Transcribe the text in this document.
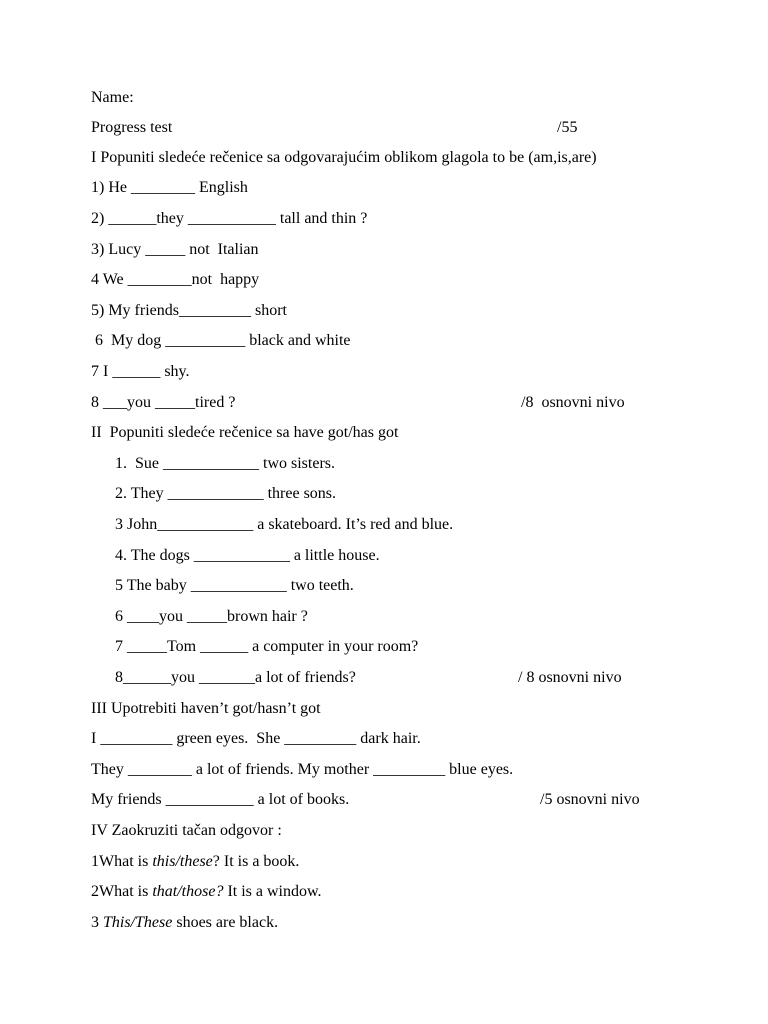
Name:
Progress test	/55
I Popuniti sledeće rečenice sa odgovarajućim oblikom glagola to be (am,is,are)
1) He ________ English
2) ______they ___________ tall and thin ?
3) Lucy _____ not  Italian
4 We ________not  happy
5) My friends_________ short
6  My dog __________ black and white
7 I ______ shy.
8 ___you _____tired ?	/8  osnovni nivo
II  Popuniti sledeće rečenice sa have got/has got
1.  Sue ____________ two sisters.
2. They ____________ three sons.
3 John____________ a skateboard. It’s red and blue.
4. The dogs ____________ a little house.
5 The baby ____________ two teeth.
6 ____you _____brown hair ?
7 _____Tom ______ a computer in your room?
8______you _______a lot of friends?	/ 8 osnovni nivo
III Upotrebiti haven’t got/hasn’t got
I _________ green eyes.  She _________ dark hair.
They ________ a lot of friends. My mother _________ blue eyes.
My friends ___________ a lot of books.	/5 osnovni nivo
IV Zaokruziti tačan odgovor :
1What is this/these? It is a book.
2What is that/those? It is a window.
3 This/These shoes are black.
